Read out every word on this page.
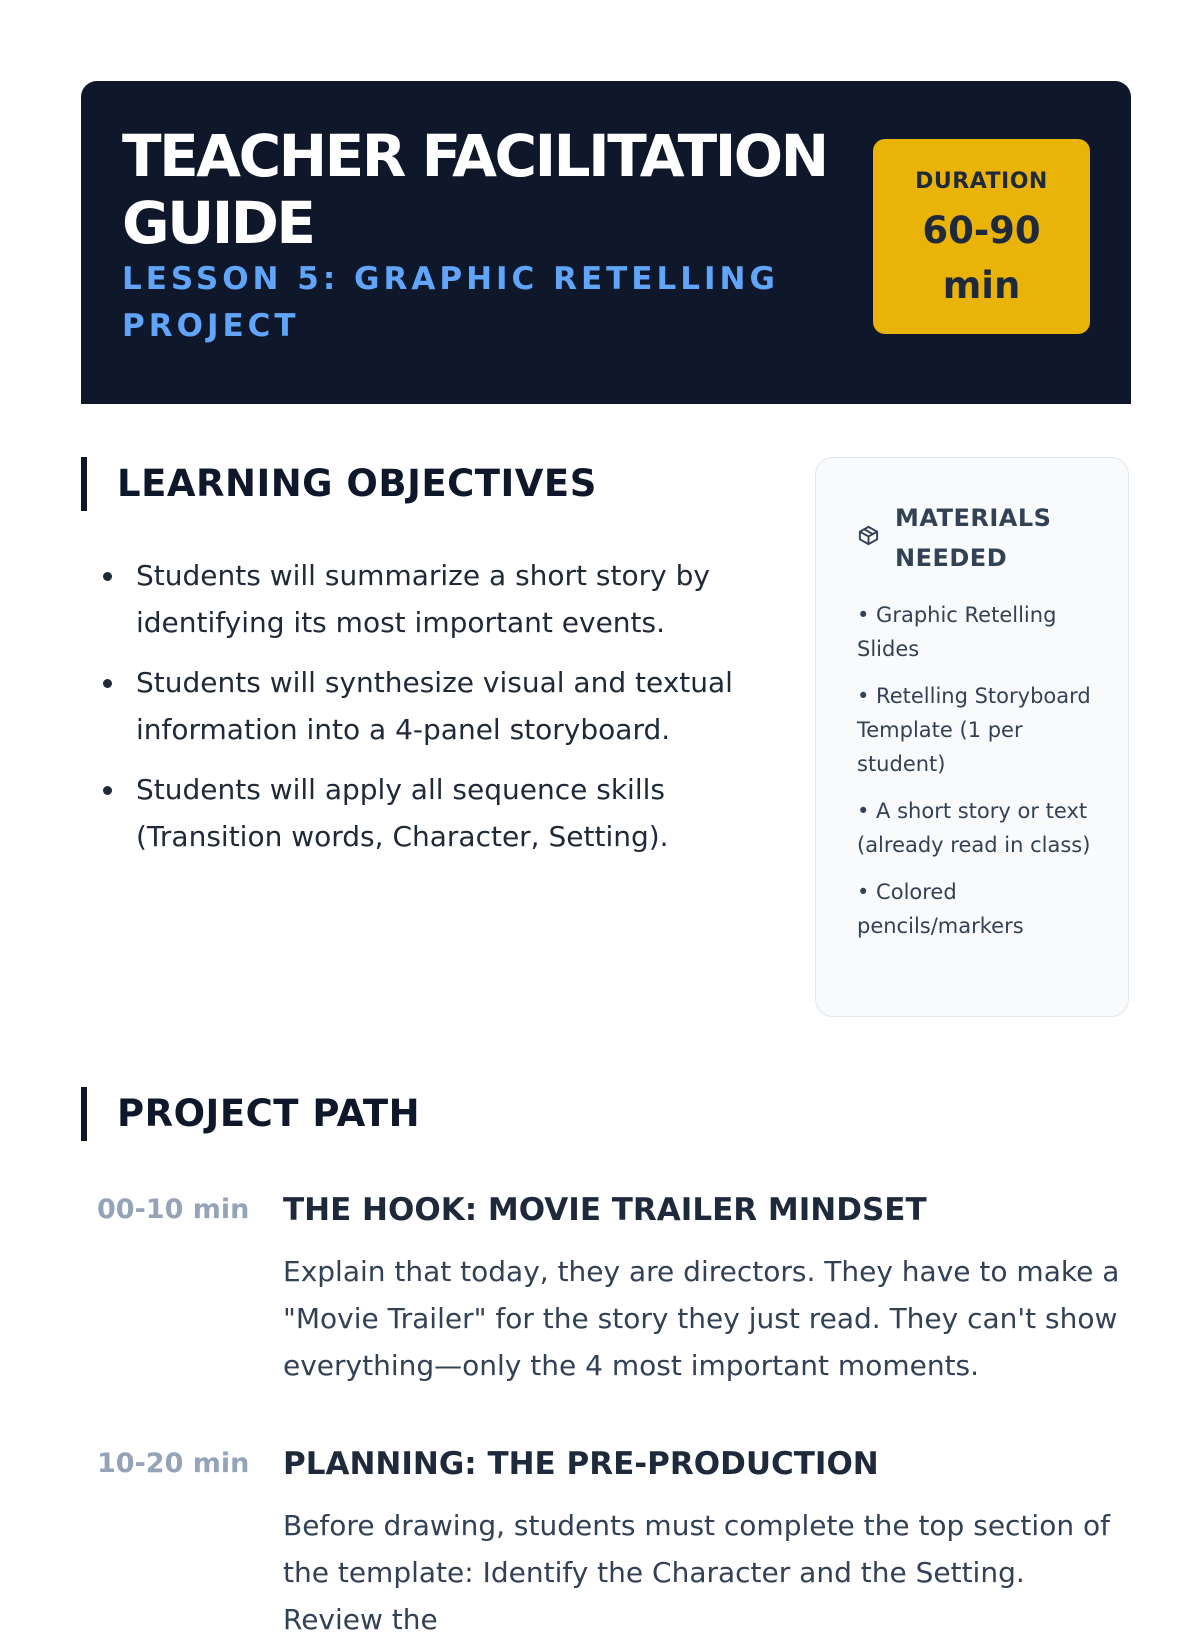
TEACHER FACILITATION GUIDE
LESSON 5: GRAPHIC RETELLING PROJECT
DURATION
60-90 min
LEARNING OBJECTIVES
Students will summarize a short story by identifying its most important events.
Students will synthesize visual and textual information into a 4-panel storyboard.
Students will apply all sequence skills (Transition words, Character, Setting).
MATERIALS NEEDED
• Graphic Retelling Slides
• Retelling Storyboard Template (1 per student)
• A short story or text (already read in class)
• Colored pencils/markers
PROJECT PATH
00-10 min THE HOOK: MOVIE TRAILER MINDSET

Explain that today, they are directors. They have to make a "Movie Trailer" for the story they just read. They can't show everything—only the 4 most important moments.

10-20 min PLANNING: THE PRE-PRODUCTION

Before drawing, students must complete the top section of the template: Identify the Character and the Setting. Review the
